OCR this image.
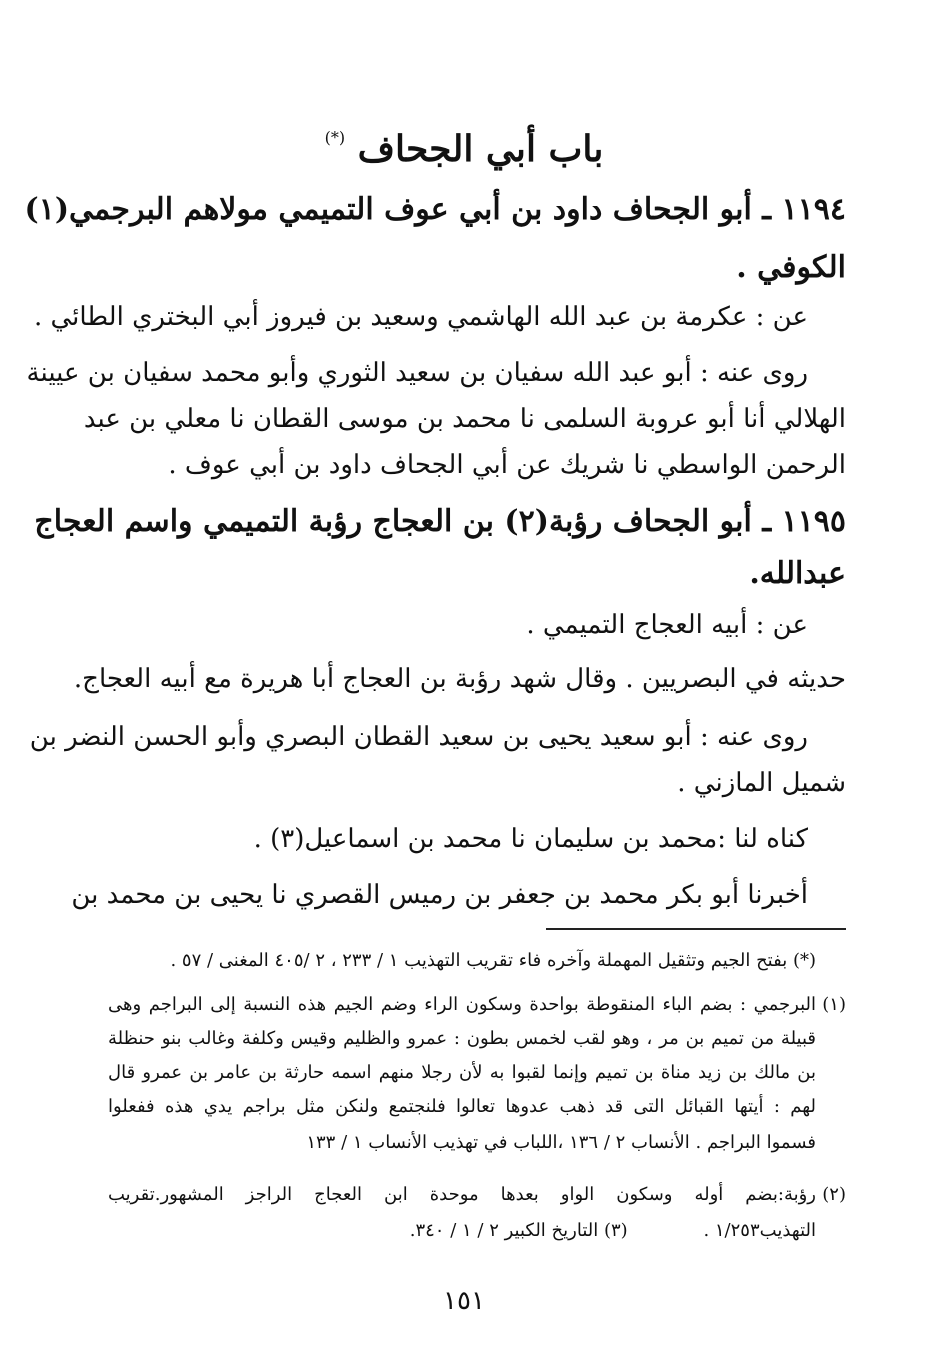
باب أبي الجحاف (*)
١١٩٤ ـ أبو الجحاف داود بن أبي عوف التميمي مولاهم البرجمي(١)
الكوفي .
عن : عكرمة بن عبد الله الهاشمي وسعيد بن فيروز أبي البختري الطائي .
روى عنه : أبو عبد الله سفيان بن سعيد الثوري وأبو محمد سفيان بن عيينة
الهلالي أنا أبو عروبة السلمى نا محمد بن موسى القطان نا معلي بن عبد
الرحمن الواسطي نا شريك عن أبي الجحاف داود بن أبي عوف .
١١٩٥ ـ أبو الجحاف رؤبة(٢) بن العجاج رؤبة التميمي واسم العجاج
عبدالله.
عن : أبيه العجاج التميمي .
حديثه في البصريين . وقال شهد رؤبة بن العجاج أبا هريرة مع أبيه العجاج.
روى عنه : أبو سعيد يحيى بن سعيد القطان البصري وأبو الحسن النضر بن
شميل المازني .
كناه لنا :محمد بن سليمان نا محمد بن اسماعيل(٣) .
أخبرنا أبو بكر محمد بن جعفر بن رميس القصري نا يحيى بن محمد بن
(*) بفتح الجيم وتثقيل المهملة وآخره فاء تقريب التهذيب ١ / ٢٣٣ ، ٢ /٤٠٥ المغنى / ٥٧ .
(١)
البرجمي : بضم الباء المنقوطة بواحدة وسكون الراء وضم الجيم هذه النسبة إلى البراجم وهى
قبيلة من تميم بن مر ، وهو لقب لخمس بطون : عمرو والظليم وقيس وكلفة وغالب بنو حنظلة
بن مالك بن زيد مناة بن تميم وإنما لقبوا به لأن رجلا منهم اسمه حارثة بن عامر بن عمرو قال
لهم : أيتها القبائل التى قد ذهب عدوها تعالوا فلنجتمع ولنكن مثل براجم يدي هذه ففعلوا
فسموا البراجم . الأنساب ٢ / ١٣٦ ،اللباب في تهذيب الأنساب ١ / ١٣٣
(٢)
رؤبة:بضم أوله وسكون الواو بعدها موحدة ابن العجاج الراجز المشهور.تقريب
التهذيب١/٢٥٣ . (٣) التاريخ الكبير ٢ / ١ / ٣٤٠.
١٥١
